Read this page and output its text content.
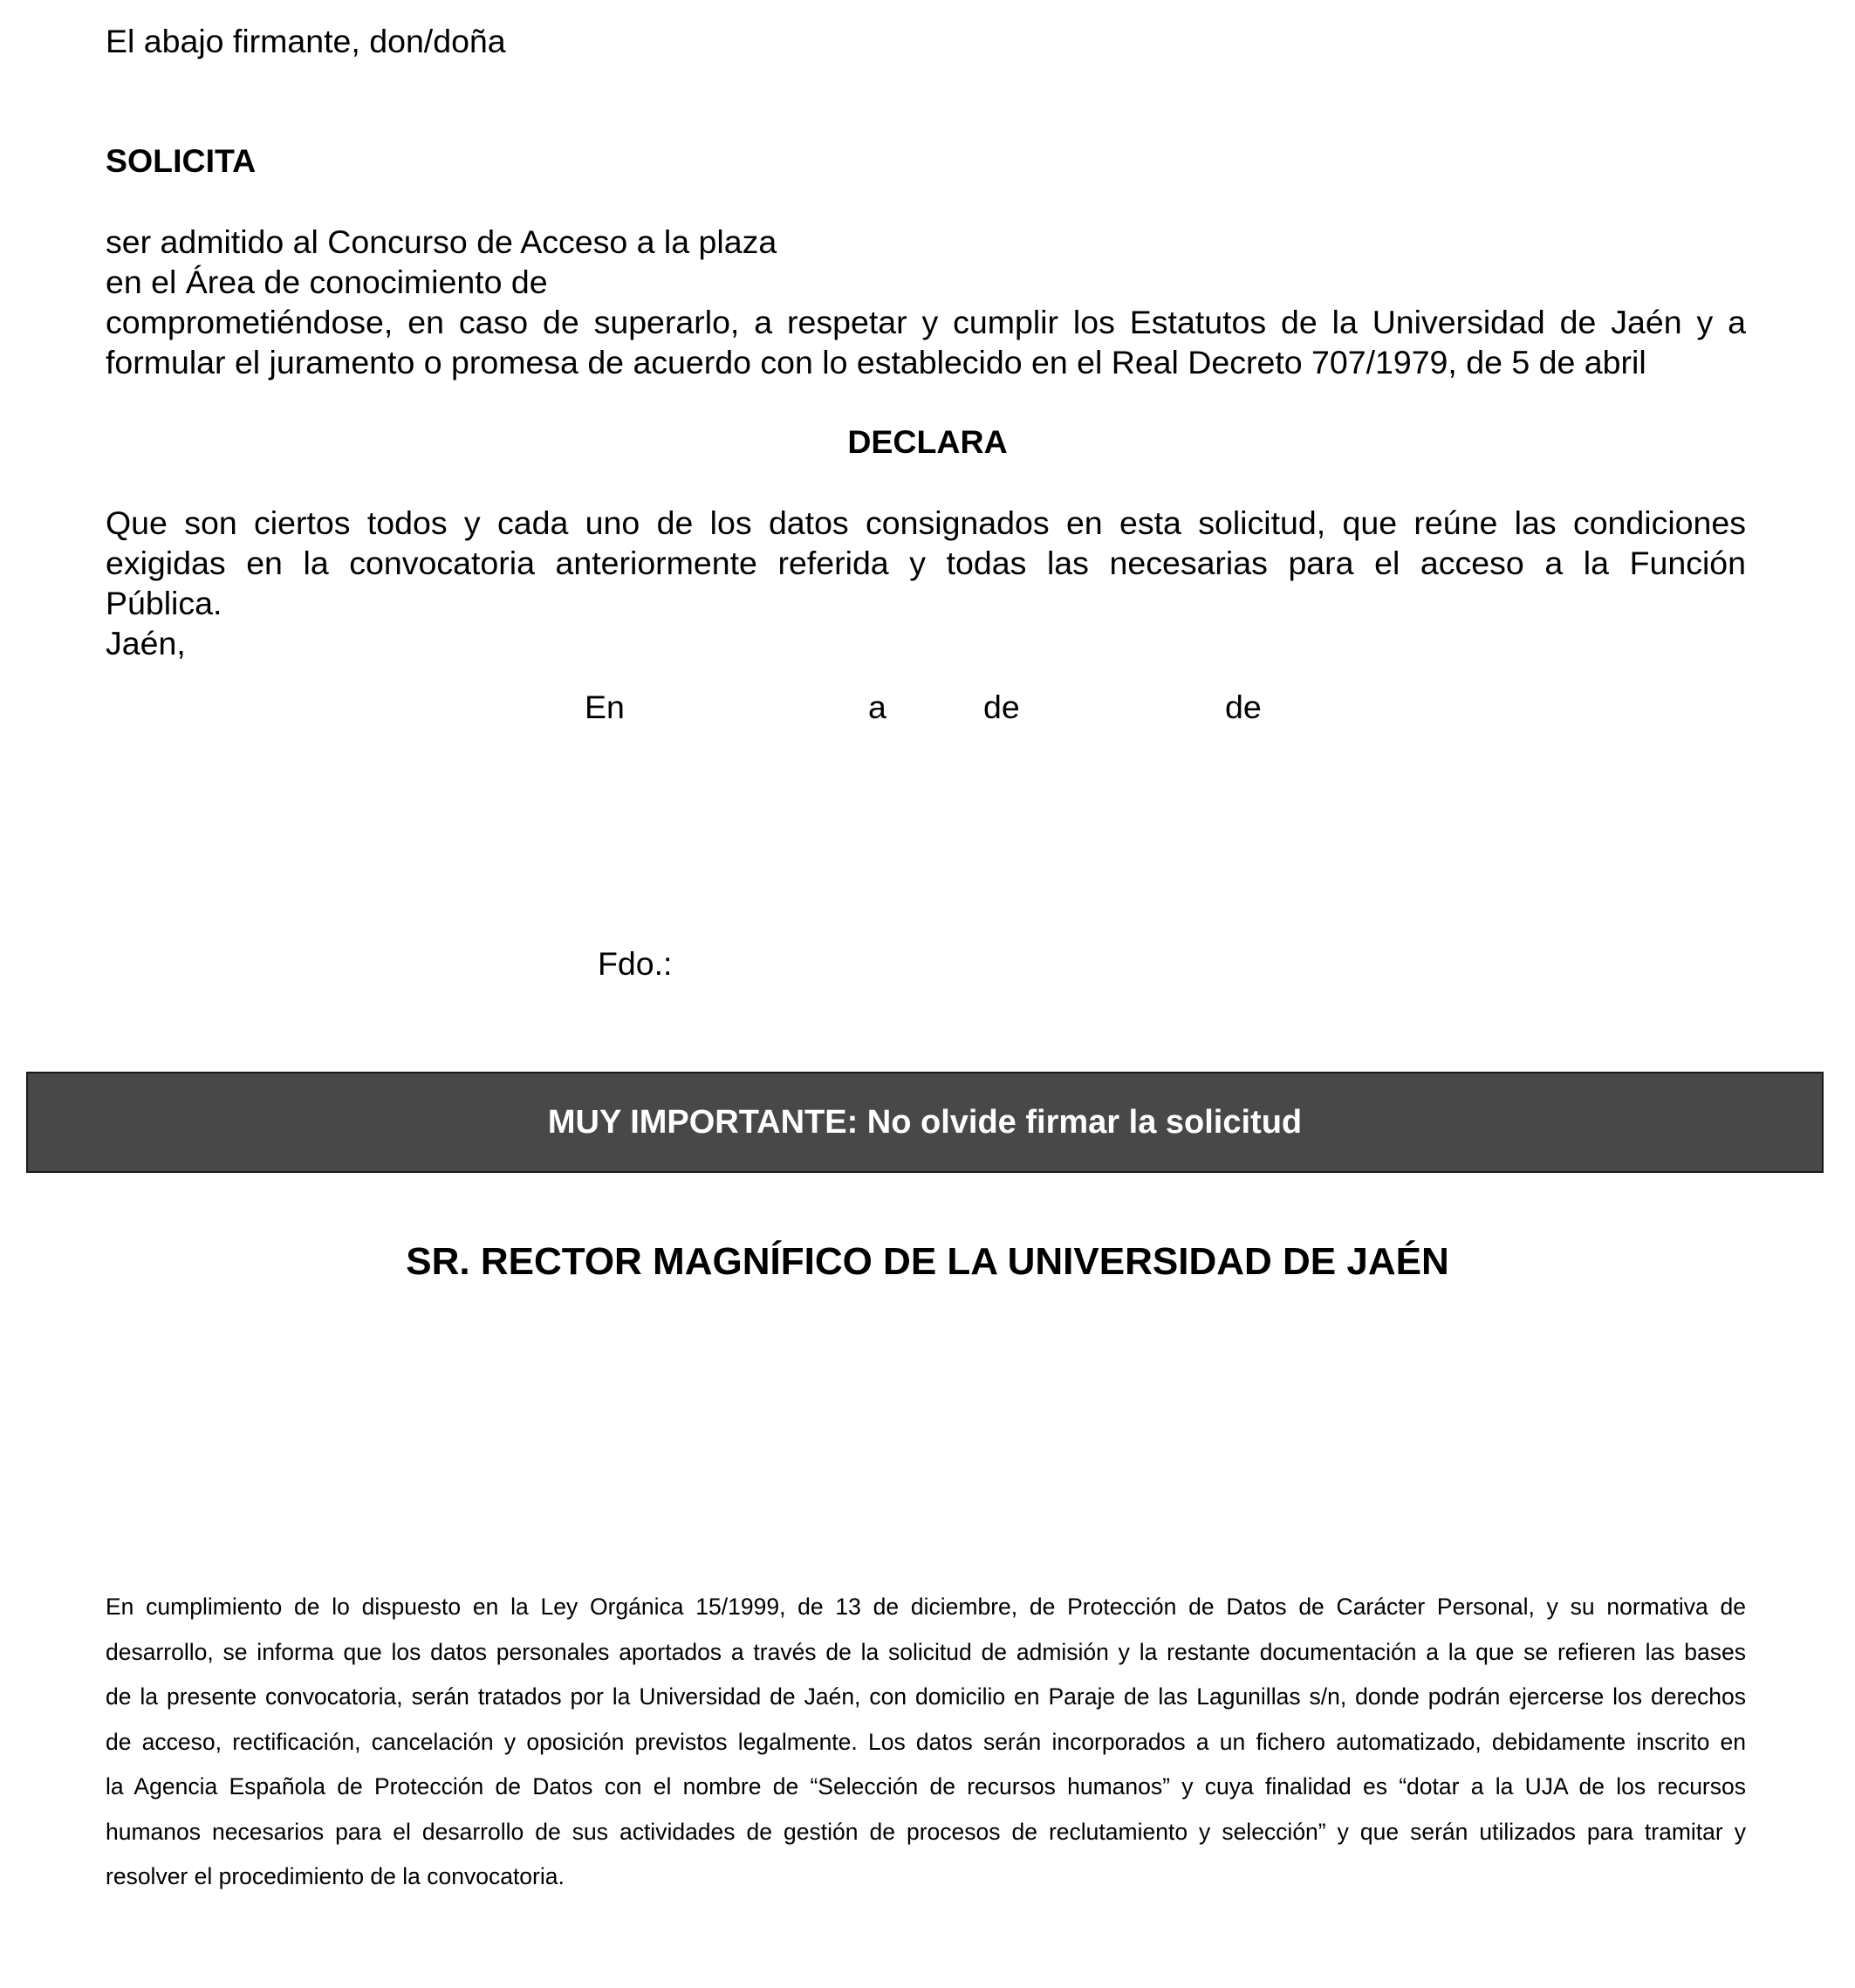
El abajo firmante, don/doña

SOLICITA

ser admitido al Concurso de Acceso a la plaza
en el Área de conocimiento de
comprometiéndose, en caso de superarlo, a respetar y cumplir los Estatutos de la Universidad de Jaén y a
formular el juramento o promesa de acuerdo con lo establecido en el Real Decreto 707/1979, de 5 de abril

DECLARA

Que son ciertos todos y cada uno de los datos consignados en esta solicitud, que reúne las condiciones
exigidas en la convocatoria anteriormente referida y todas las necesarias para el acceso a la Función
Pública.
Jaén,

En	a	de	de

Fdo.:

MUY IMPORTANTE: No olvide firmar la solicitud
SR. RECTOR MAGNÍFICO DE LA UNIVERSIDAD DE JAÉN
En cumplimiento de lo dispuesto en la Ley Orgánica 15/1999, de 13 de diciembre, de Protección de Datos de Carácter Personal, y su normativa de
desarrollo, se informa que los datos personales aportados a través de la solicitud de admisión y la restante documentación a la que se refieren las bases
de la presente convocatoria, serán tratados por la Universidad de Jaén, con domicilio en Paraje de las Lagunillas s/n, donde podrán ejercerse los derechos
de acceso, rectificación, cancelación y oposición previstos legalmente. Los datos serán incorporados a un fichero automatizado, debidamente inscrito en
la Agencia Española de Protección de Datos con el nombre de “Selección de recursos humanos” y cuya finalidad es “dotar a la UJA de los recursos
humanos necesarios para el desarrollo de sus actividades de gestión de procesos de reclutamiento y selección” y que serán utilizados para tramitar y
resolver el procedimiento de la convocatoria.
